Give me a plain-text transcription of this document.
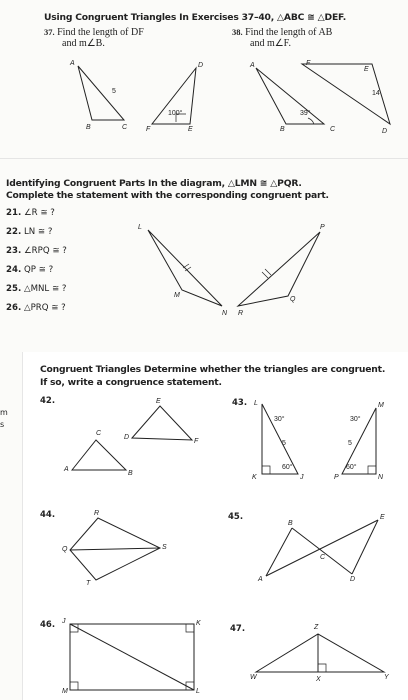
Using Congruent Triangles In Exercises 37–40, △ABC ≅ △DEF.
37. Find the length of DF
and m∠B.
38. Find the length of AB
and m∠F.
A
B	C
D
E
F
5
100°
A
B	C	D
E
F
14
39°
Identifying Congruent Parts In the diagram, △LMN ≅ △PQR.
Complete the statement with the corresponding congruent part.
21. ∠R ≅ ?
22. LN ≅ ?
23. ∠RPQ ≅ ?
24. QP ≅ ?
25. △MNL ≅ ?
26. △PRQ ≅ ?
L
M
N R
P
Q
m
s
Congruent Triangles Determine whether the triangles are congruent.
If so, write a congruence statement.
42.	43.
44.	45.
46.	47.
A
B
C
D
E
F
L
K	J
M
N
P
30°
60°
30°
60°
5	5
R
Q	S
T
A
B
C
D
E
J	K
L
M
Z
W	X	Y
